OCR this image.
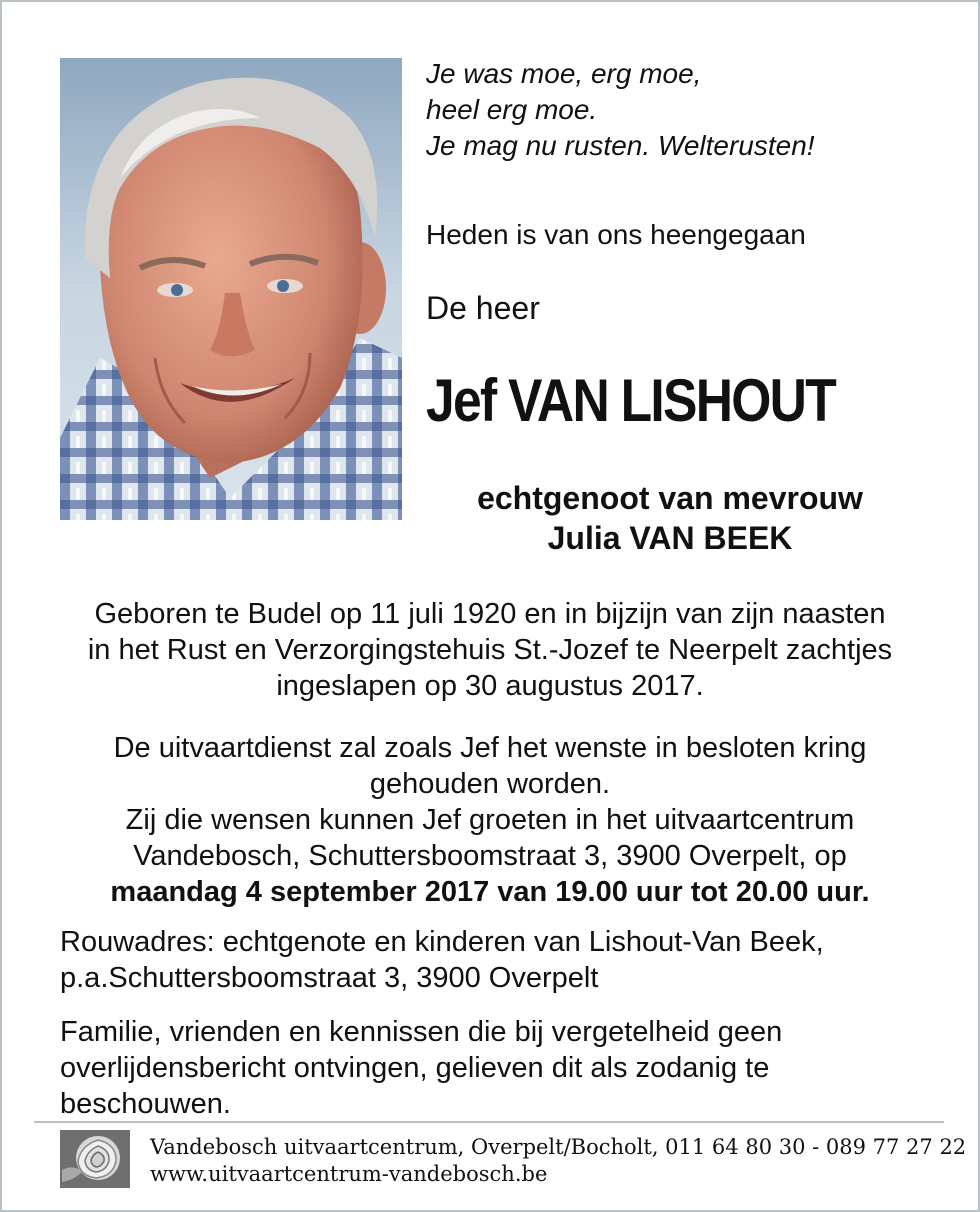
Je was moe, erg moe,
heel erg moe.
Je mag nu rusten. Welterusten!
Heden is van ons heengegaan
De heer
Jef VAN LISHOUT
echtgenoot van mevrouw
Julia VAN BEEK
Geboren te Budel op 11 juli 1920 en in bijzijn van zijn naasten
in het Rust en Verzorgingstehuis St.-Jozef te Neerpelt zachtjes
ingeslapen op 30 augustus 2017.
De uitvaartdienst zal zoals Jef het wenste in besloten kring
gehouden worden.
Zij die wensen kunnen Jef groeten in het uitvaartcentrum
Vandebosch, Schuttersboomstraat 3, 3900 Overpelt, op
maandag 4 september 2017 van 19.00 uur tot 20.00 uur.
Rouwadres: echtgenote en kinderen van Lishout-Van Beek,
p.a.Schuttersboomstraat 3, 3900 Overpelt
Familie, vrienden en kennissen die bij vergetelheid geen
overlijdensbericht ontvingen, gelieven dit als zodanig te
beschouwen.
Vandebosch uitvaartcentrum, Overpelt/Bocholt, 011 64 80 30 - 089 77 27 22
www.uitvaartcentrum-vandebosch.be
